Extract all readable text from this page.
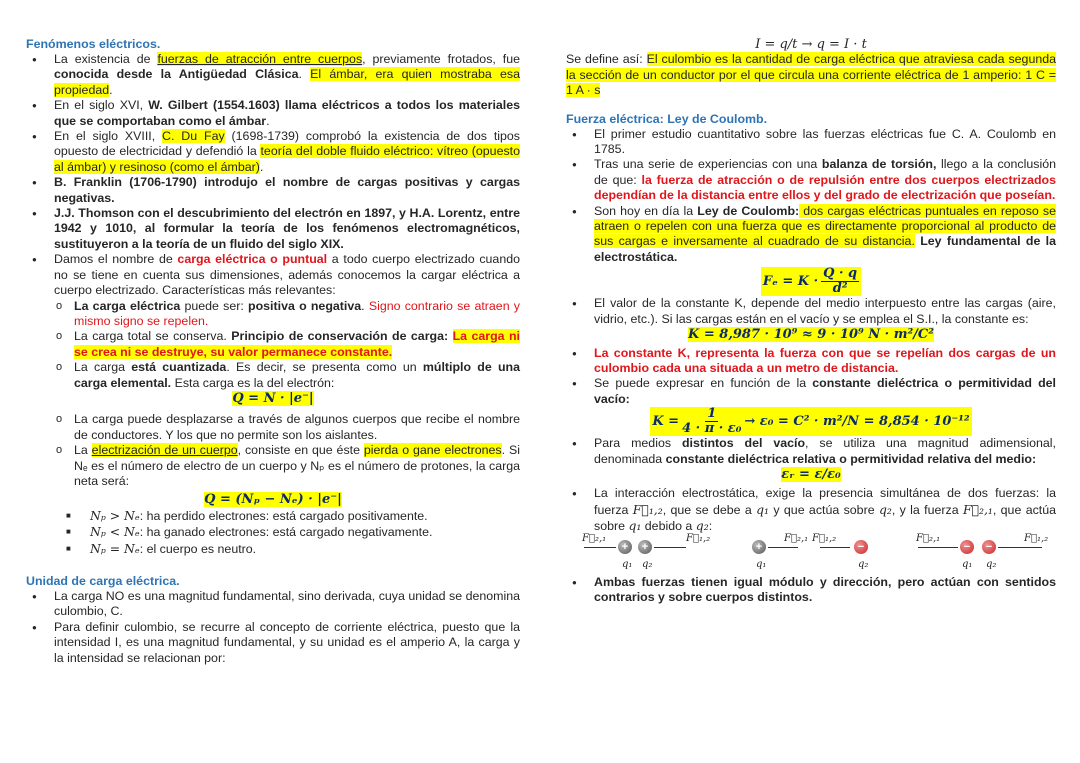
Fenómenos eléctricos.
● La existencia de fuerzas de atracción entre cuerpos, previamente frotados, fue conocida desde la Antigüedad Clásica. El ámbar, era quien mostraba esa propiedad.
● En el siglo XVI, W. Gilbert (1554.1603) llama eléctricos a todos los materiales que se comportaban como el ámbar.
● En el siglo XVIII, C. Du Fay (1698-1739) comprobó la existencia de dos tipos opuesto de electricidad y defendió la teoría del doble fluido eléctrico: vítreo (opuesto al ámbar) y resinoso (como el ámbar).
● B. Franklin (1706-1790) introdujo el nombre de cargas positivas y cargas negativas.
● J.J. Thomson con el descubrimiento del electrón en 1897, y H.A. Lorentz, entre 1942 y 1010, al formular la teoría de los fenómenos electromagnéticos, sustituyeron a la teoría de un fluido del siglo XIX.
● Damos el nombre de carga eléctrica o puntual a todo cuerpo electrizado cuando no se tiene en cuenta sus dimensiones, además conocemos la cargar eléctrica a cuerpo electrizado. Características más relevantes:
o La carga eléctrica puede ser: positiva o negativa. Signo contrario se atraen y mismo signo se repelen.
o La carga total se conserva. Principio de conservación de carga: La carga ni se crea ni se destruye, su valor permanece constante.
o La carga está cuantizada. Es decir, se presenta como un múltiplo de una carga elemental. Esta carga es la del electrón:
Q = N · |e⁻|
o La carga puede desplazarse a través de algunos cuerpos que recibe el nombre de conductores. Y los que no permite son los aislantes.
o La electrización de un cuerpo, consiste en que éste pierda o gane electrones. Si Nₑ es el número de electro de un cuerpo y Nₚ es el número de protones, la carga neta será:
Q = (Nₚ − Nₑ) · |e⁻|
■ Nₚ > Nₑ: ha perdido electrones: está cargado positivamente.
■ Nₚ < Nₑ: ha ganado electrones: está cargado negativamente.
■ Nₚ = Nₑ: el cuerpo es neutro.
Unidad de carga eléctrica.
● La carga NO es una magnitud fundamental, sino derivada, cuya unidad se denomina culombio, C.
● Para definir culombio, se recurre al concepto de corriente eléctrica, puesto que la intensidad I, es una magnitud fundamental, y su unidad es el amperio A, la carga y la intensidad se relacionan por:
I = q/t → q = I · t
Se define así: El culombio es la cantidad de carga eléctrica que atraviesa cada segunda la sección de un conductor por el que circula una corriente eléctrica de 1 amperio: 1 C = 1 A · s
Fuerza eléctrica: Ley de Coulomb.
● El primer estudio cuantitativo sobre las fuerzas eléctricas fue C. A. Coulomb en 1785.
● Tras una serie de experiencias con una balanza de torsión, llego a la conclusión de que: la fuerza de atracción o de repulsión entre dos cuerpos electrizados dependían de la distancia entre ellos y del grado de electrización que poseían.
● Son hoy en día la Ley de Coulomb: dos cargas eléctricas puntuales en reposo se atraen o repelen con una fuerza que es directamente proporcional al producto de sus cargas e inversamente al cuadrado de su distancia. Ley fundamental de la electrostática.
$F_e = K \cdot \frac{Q \cdot q}{\text{d²}}$
● El valor de la constante K, depende del medio interpuesto entre las cargas (aire, vidrio, etc.). Si las cargas están en el vacío y se emplea el S.I., la constante es:
K = 8,987 · 10⁹ ≈ 9 · 10⁹ N · m²/C²
● La constante K, representa la fuerza con que se repelían dos cargas de un culombio cada una situada a un metro de distancia.
● Se puede expresar en función de la constante dieléctrica o permitividad del vacío:
$K = \frac{1}{\text{4 · π · ε₀}} \to \varepsilon_0 = C^2 \cdot m^2/N = 8,854 \cdot 10^{-12}$
● Para medios distintos del vacío, se utiliza una magnitud adimensional, denominada constante dieléctrica relativa o permitividad relativa del medio:
εᵣ = ε/ε₀
● La interacción electrostática, exige la presencia simultánea de dos fuerzas: la fuerza F⃗₁,₂, que se debe a q₁ y que actúa sobre q₂, y la fuerza F⃗₂,₁, que actúa sobre q₁ debido a q₂:
F⃗₂,₁
+	+
F⃗₁,₂
q₁ q₂
+
F⃗₂,₁ F⃗₁,₂
−
q₁	q₂
F⃗₂,₁
−	−
F⃗₁,₂
q₁ q₂
● Ambas fuerzas tienen igual módulo y dirección, pero actúan con sentidos contrarios y sobre cuerpos distintos.
